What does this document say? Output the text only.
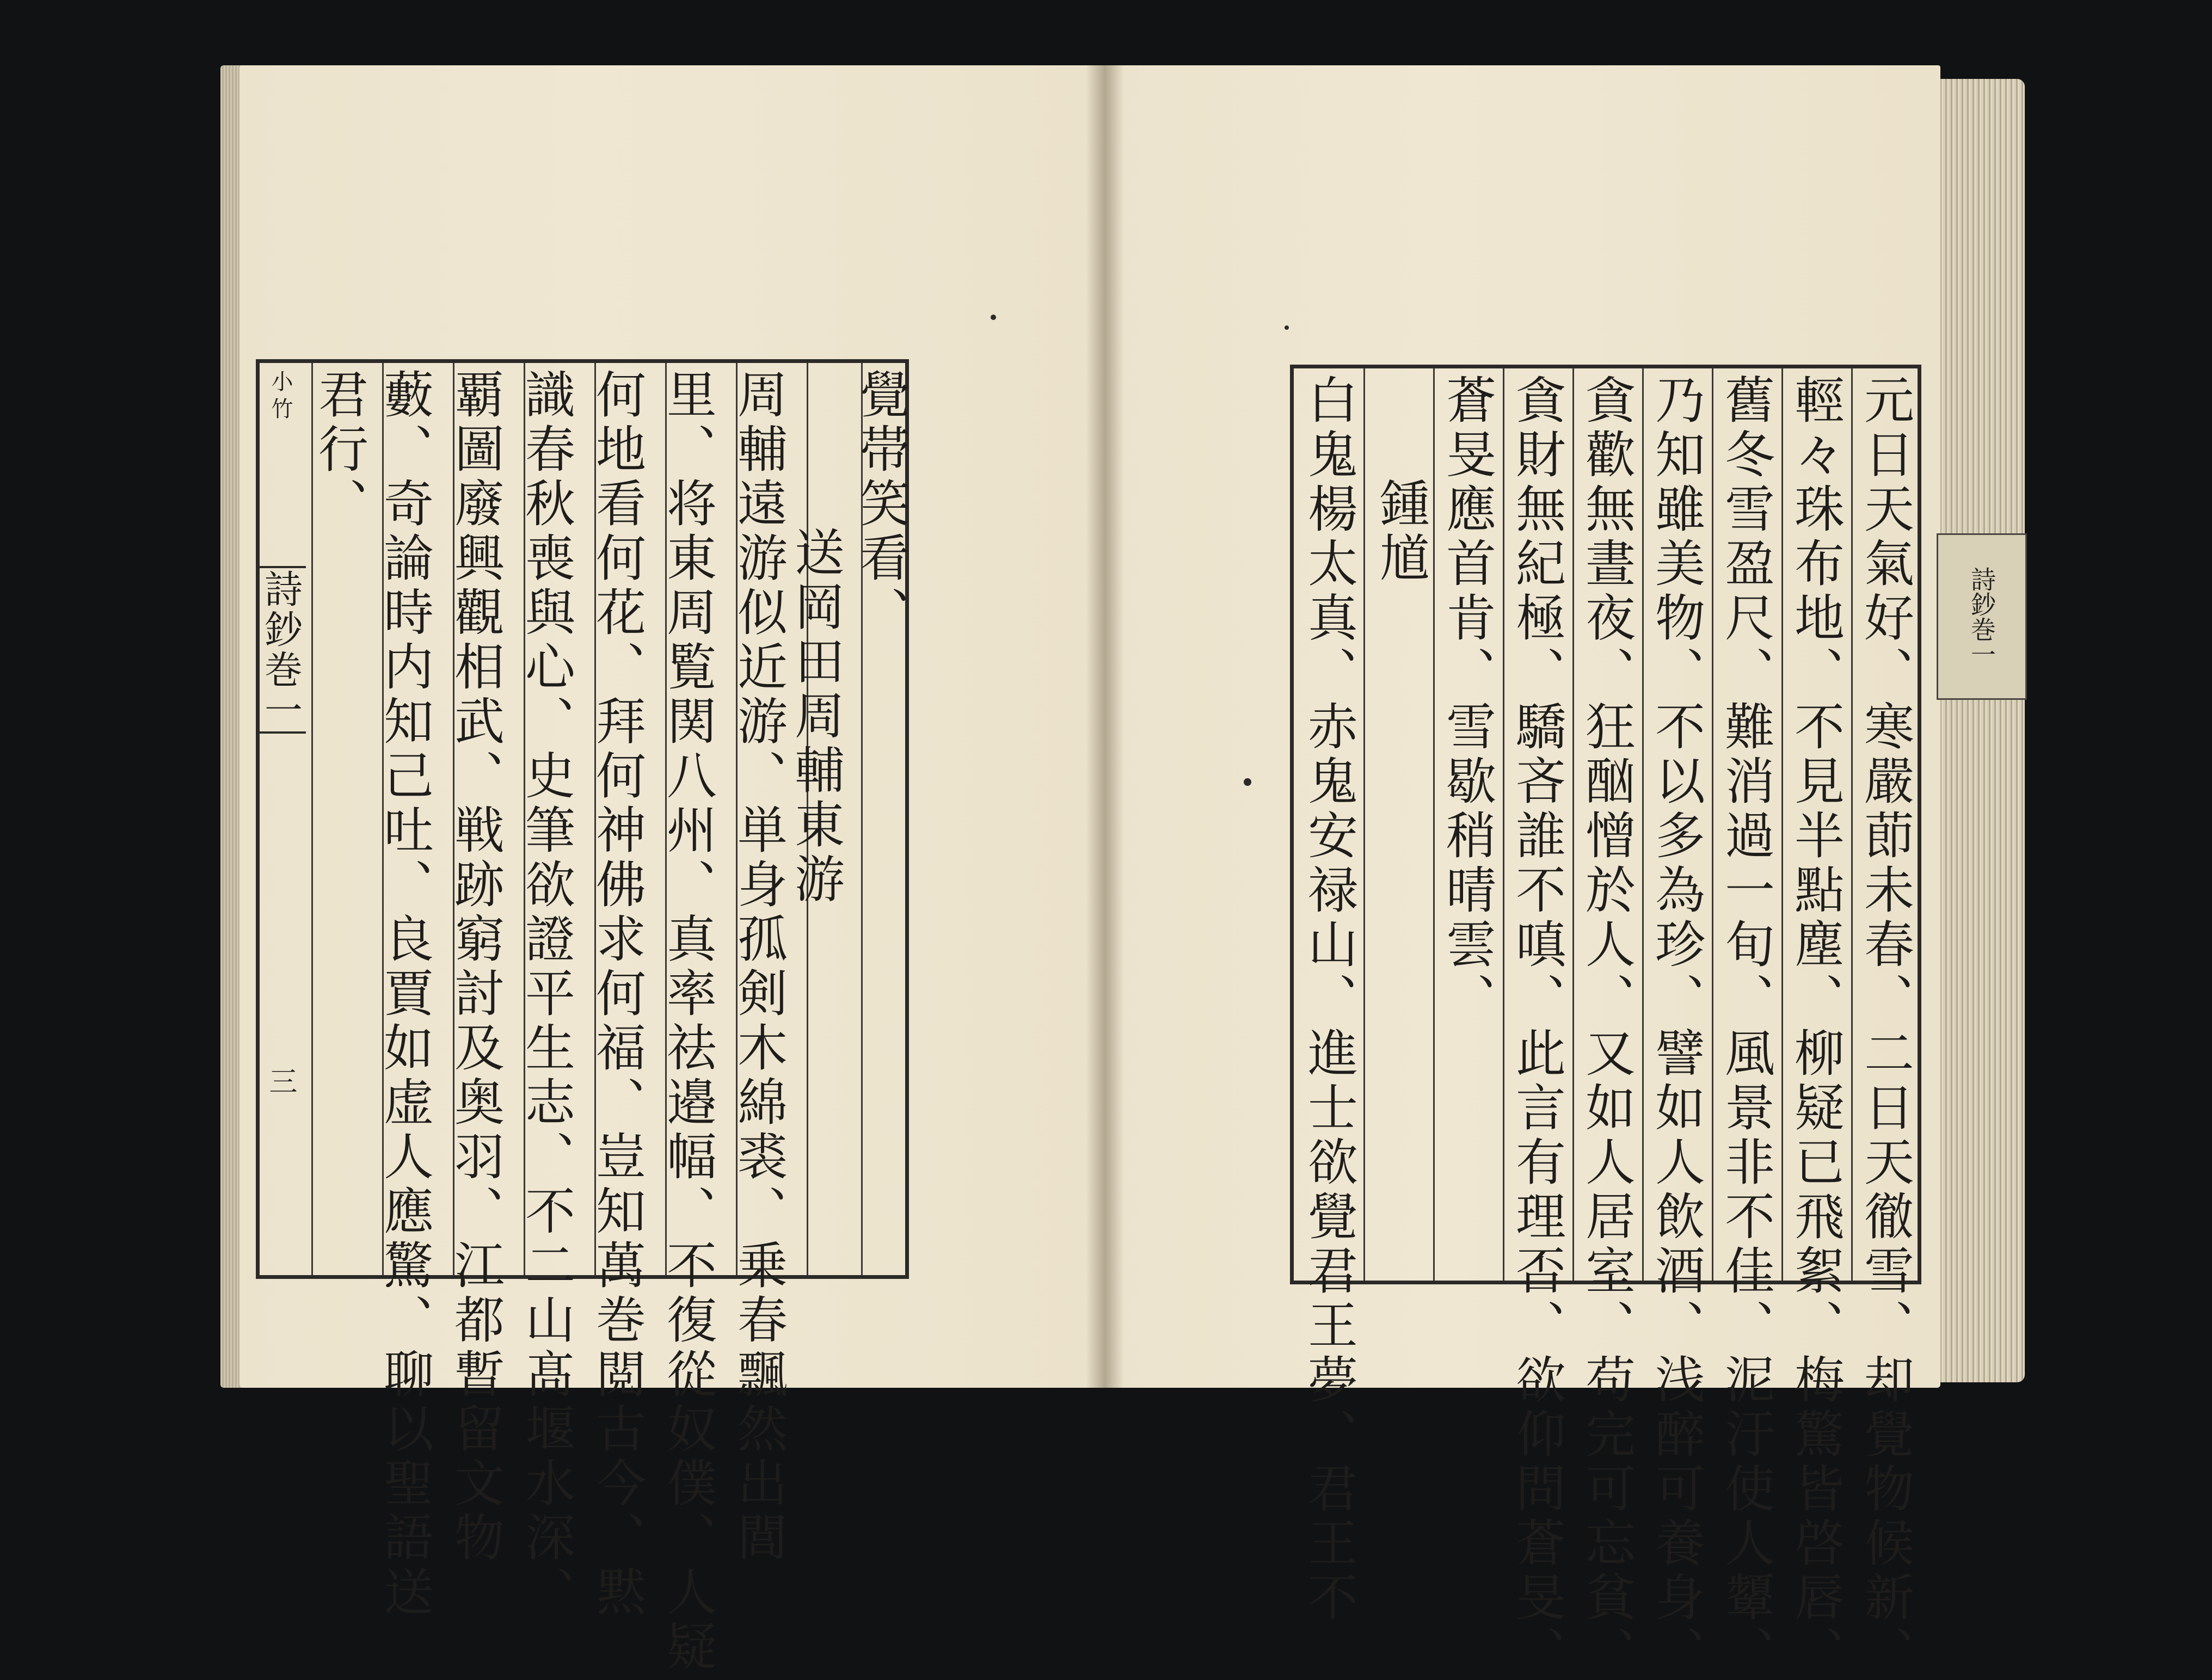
覺帯笑看、
送岡田周輔東游
周輔遠游似近游、単身孤剣木綿裘、乗春飄然出閭
里、将東周覧関八州、真率祛邉幅、不復從奴僕、人疑
何地看何花、拜何神佛求何福、豈知萬巻閲古今、黙
識春秋喪與心、史筆欲證平生志、不二山髙堰水深、
覇圖廢興觀相武、戦跡窮討及奥羽、江都暫留文物
藪、奇論時内知己吐、良賈如虚人應驚、聊以聖語送
君行、
小竹
詩鈔巻一
三	元日天氣好、寒嚴莭未春、二日天徹雪、却覺物候新、
輕々珠布地、不見半點塵、柳疑已飛絮、梅驚皆啓唇、
舊冬雪盈尺、難消過一旬、風景非不佳、泥汙使人顰、
乃知雖美物、不以多為珍、譬如人飲酒、浅醉可養身、
貪歡無晝夜、狂酗憎於人、又如人居室、苟完可忘貧、
貪財無紀極、驕吝誰不嗔、此言有理否、欲仰問蒼旻、
蒼旻應首肯、雪歇稍晴雲、
鍾馗
白鬼楊太真、赤鬼安禄山、進士欲覺君王夢、君王不	詩鈔巻一
